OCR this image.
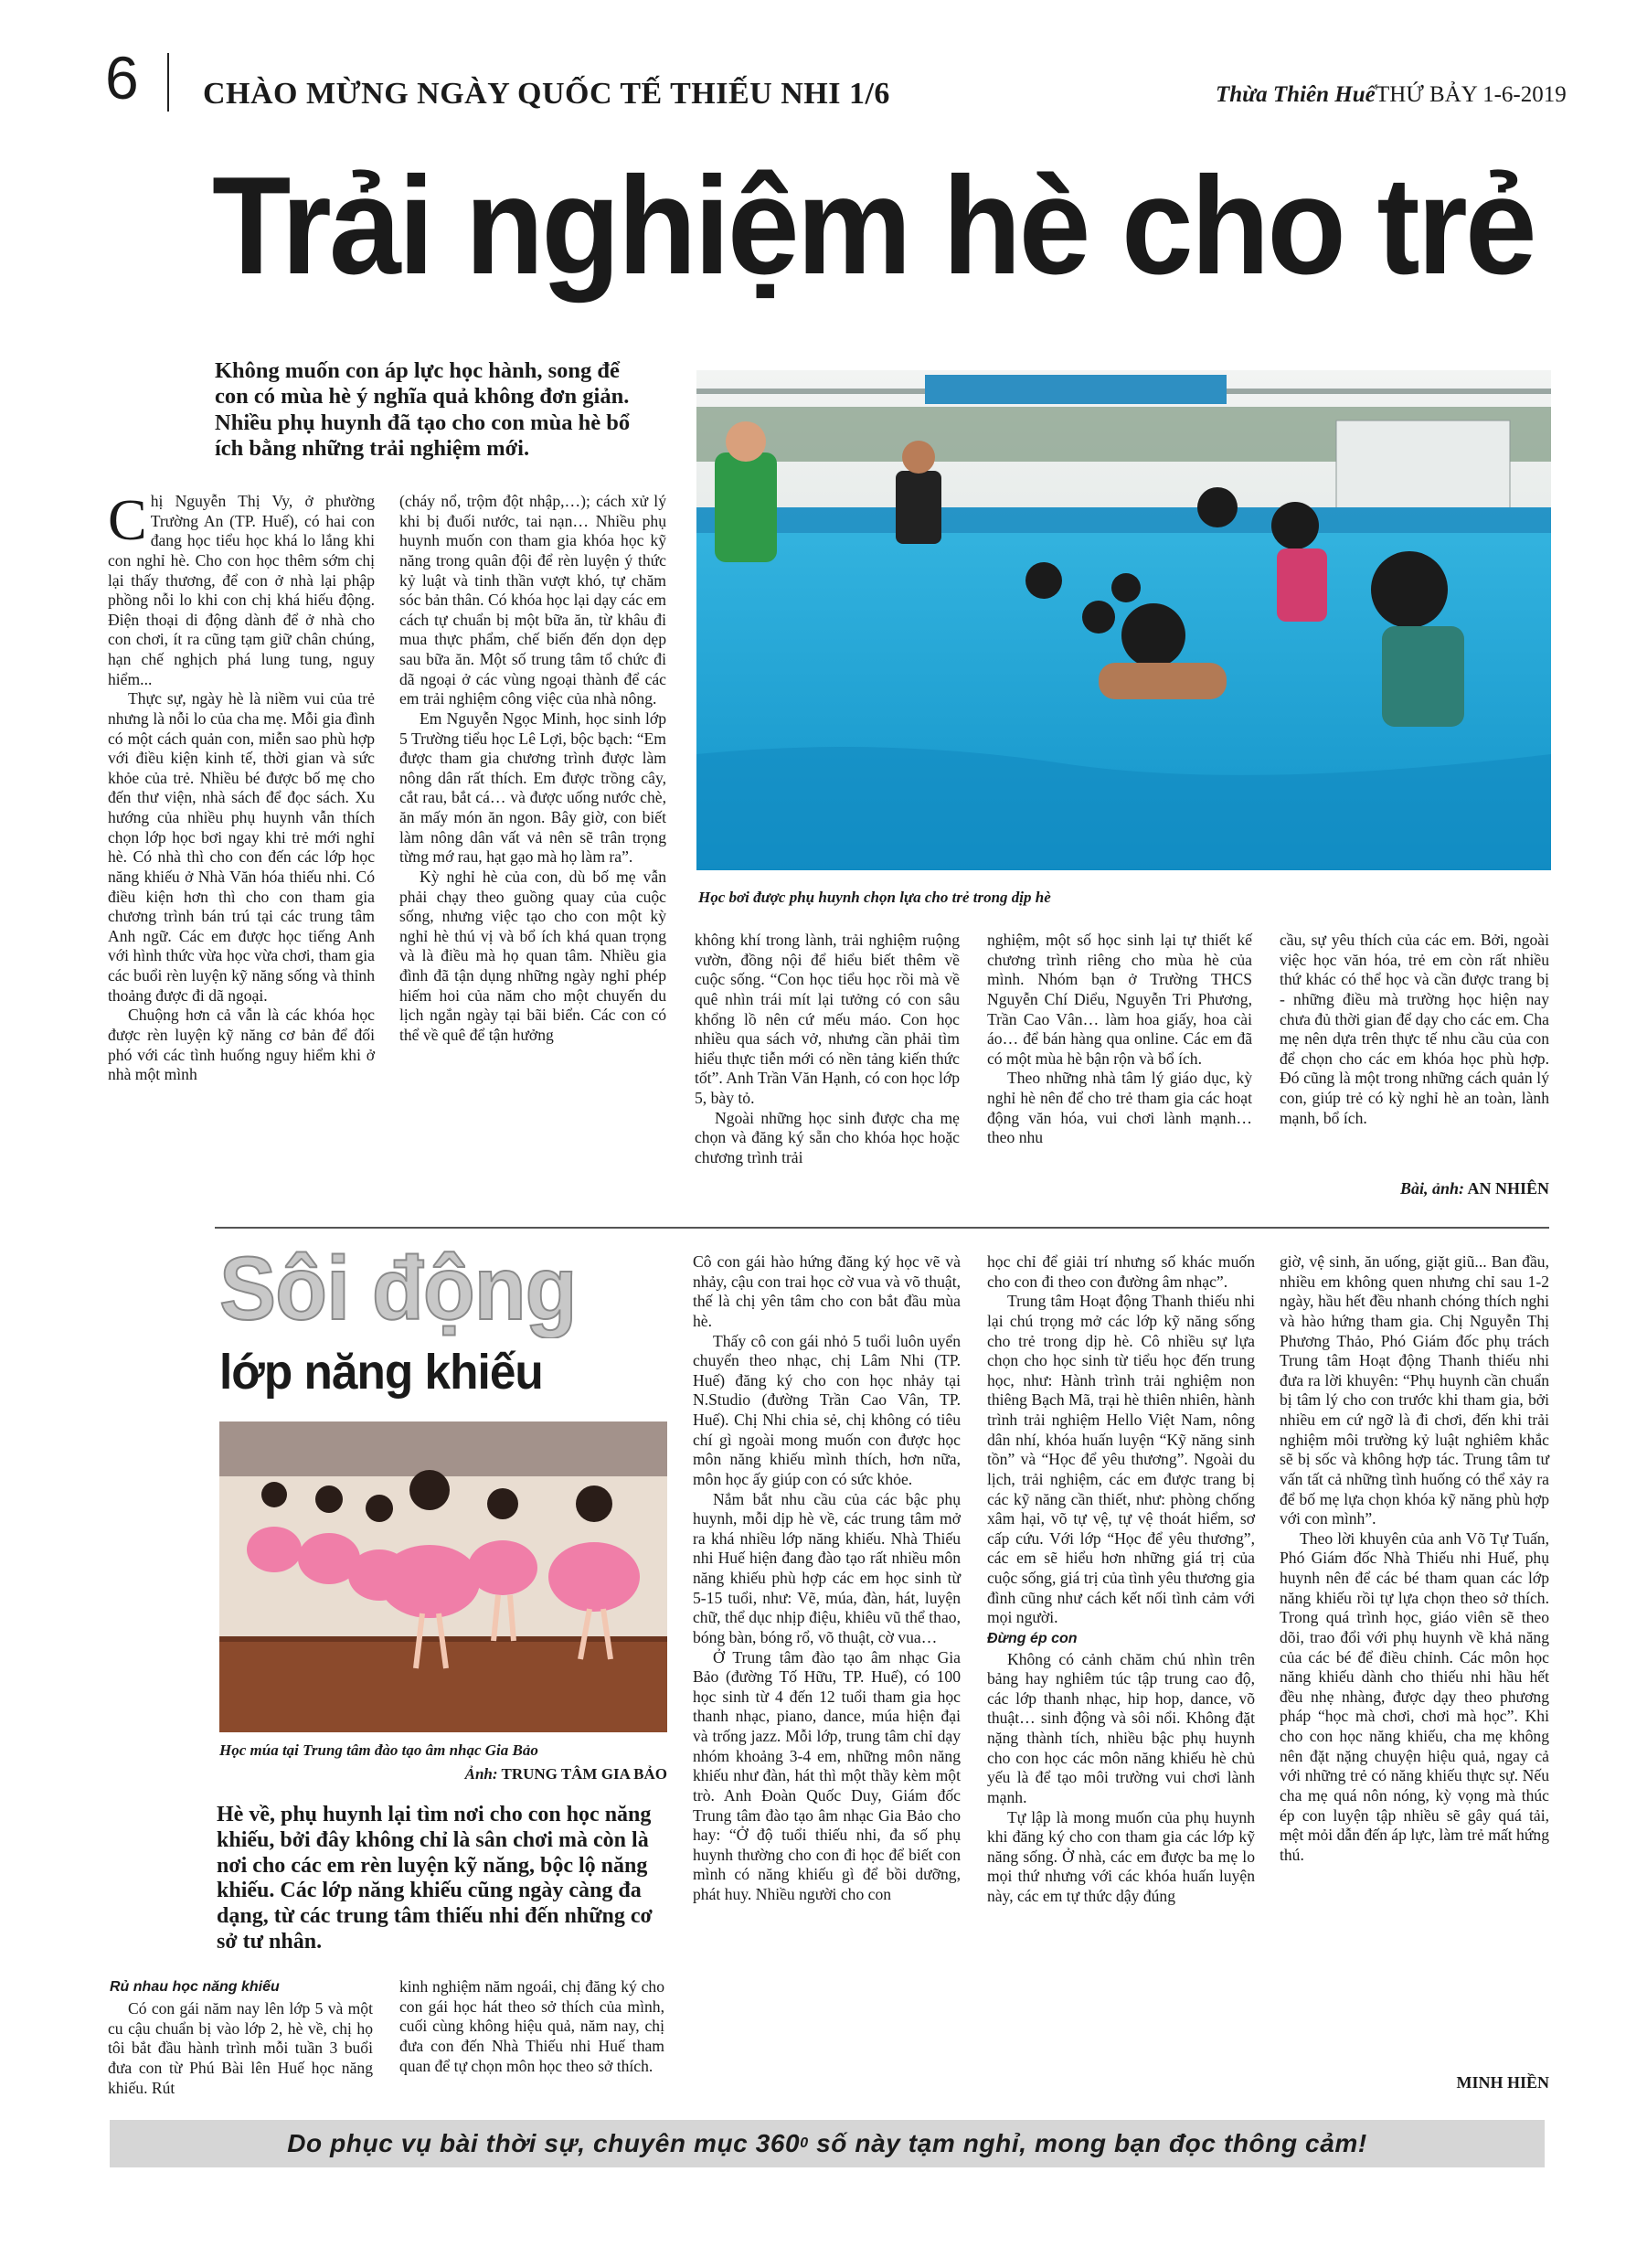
6 CHÀO MỪNG NGÀY QUỐC TẾ THIẾU NHI 1/6	Thừa Thiên Huế THỨ BẢY 1-6-2019
Trải nghiệm hè cho trẻ
Không muốn con áp lực học hành, song để con có mùa hè ý nghĩa quả không đơn giản. Nhiều phụ huynh đã tạo cho con mùa hè bổ ích bằng những trải nghiệm mới.
Học bơi được phụ huynh chọn lựa cho trẻ trong dịp hè

Chị Nguyễn Thị Vy, ở phường Trường An (TP. Huế), có hai con đang học tiểu học khá lo lắng khi con nghỉ hè. Cho con học thêm sớm chị lại thấy thương, để con ở nhà lại phập phồng nỗi lo khi con chị khá hiếu động. Điện thoại di động dành để ở nhà cho con chơi, ít ra cũng tạm giữ chân chúng, hạn chế nghịch phá lung tung, nguy hiểm...

Thực sự, ngày hè là niềm vui của trẻ nhưng là nỗi lo của cha mẹ. Mỗi gia đình có một cách quản con, miễn sao phù hợp với điều kiện kinh tế, thời gian và sức khỏe của trẻ. Nhiều bé được bố mẹ cho đến thư viện, nhà sách để đọc sách. Xu hướng của nhiều phụ huynh vẫn thích chọn lớp học bơi ngay khi trẻ mới nghỉ hè. Có nhà thì cho con đến các lớp học năng khiếu ở Nhà Văn hóa thiếu nhi. Có điều kiện hơn thì cho con tham gia chương trình bán trú tại các trung tâm Anh ngữ. Các em được học tiếng Anh với hình thức vừa học vừa chơi, tham gia các buổi rèn luyện kỹ năng sống và thỉnh thoảng được đi dã ngoại.

Chuộng hơn cả vẫn là các khóa học được rèn luyện kỹ năng cơ bản để đối phó với các tình huống nguy hiểm khi ở nhà một mình

(cháy nổ, trộm đột nhập,…); cách xử lý khi bị đuối nước, tai nạn… Nhiều phụ huynh muốn con tham gia khóa học kỹ năng trong quân đội để rèn luyện ý thức kỷ luật và tinh thần vượt khó, tự chăm sóc bản thân. Có khóa học lại dạy các em cách tự chuẩn bị một bữa ăn, từ khâu đi mua thực phẩm, chế biến đến dọn dẹp sau bữa ăn. Một số trung tâm tổ chức đi dã ngoại ở các vùng ngoại thành để các em trải nghiệm công việc của nhà nông.

Em Nguyễn Ngọc Minh, học sinh lớp 5 Trường tiểu học Lê Lợi, bộc bạch: “Em được tham gia chương trình được làm nông dân rất thích. Em được trồng cây, cắt rau, bắt cá… và được uống nước chè, ăn mấy món ăn ngon. Bây giờ, con biết làm nông dân vất vả nên sẽ trân trọng từng mớ rau, hạt gạo mà họ làm ra”.

Kỳ nghỉ hè của con, dù bố mẹ vẫn phải chạy theo guồng quay của cuộc sống, nhưng việc tạo cho con một kỳ nghỉ hè thú vị và bổ ích khá quan trọng và là điều mà họ quan tâm. Nhiều gia đình đã tận dụng những ngày nghỉ phép hiếm hoi của năm cho một chuyến du lịch ngắn ngày tại bãi biển. Các con có thể về quê để tận hưởng

không khí trong lành, trải nghiệm ruộng vườn, đồng nội để hiểu biết thêm về cuộc sống. “Con học tiểu học rồi mà về quê nhìn trái mít lại tưởng có con sâu khổng lồ nên cứ mếu máo. Con học nhiều qua sách vở, nhưng cần phải tìm hiểu thực tiễn mới có nền tảng kiến thức tốt”. Anh Trần Văn Hạnh, có con học lớp 5, bày tỏ.

Ngoài những học sinh được cha mẹ chọn và đăng ký sẵn cho khóa học hoặc chương trình trải

nghiệm, một số học sinh lại tự thiết kế chương trình riêng cho mùa hè của mình. Nhóm bạn ở Trường THCS Nguyễn Chí Diểu, Nguyễn Tri Phương, Trần Cao Vân… làm hoa giấy, hoa cài áo… để bán hàng qua online. Các em đã có một mùa hè bận rộn và bổ ích.

Theo những nhà tâm lý giáo dục, kỳ nghỉ hè nên để cho trẻ tham gia các hoạt động văn hóa, vui chơi lành mạnh… theo nhu

cầu, sự yêu thích của các em. Bởi, ngoài việc học văn hóa, trẻ em còn rất nhiều thứ khác có thể học và cần được trang bị - những điều mà trường học hiện nay chưa đủ thời gian để dạy cho các em. Cha mẹ nên dựa trên thực tế nhu cầu của con để chọn cho các em khóa học phù hợp. Đó cũng là một trong những cách quản lý con, giúp trẻ có kỳ nghỉ hè an toàn, lành mạnh, bổ ích.

Bài, ảnh: AN NHIÊN
Sôi động
lớp năng khiếu
Học múa tại Trung tâm đào tạo âm nhạc Gia Bảo
Ảnh: TRUNG TÂM GIA BẢO
Hè về, phụ huynh lại tìm nơi cho con học năng khiếu, bởi đây không chỉ là sân chơi mà còn là nơi cho các em rèn luyện kỹ năng, bộc lộ năng khiếu. Các lớp năng khiếu cũng ngày càng đa dạng, từ các trung tâm thiếu nhi đến những cơ sở tư nhân.
Rủ nhau học năng khiếu

Có con gái năm nay lên lớp 5 và một cu cậu chuẩn bị vào lớp 2, hè về, chị họ tôi bắt đầu hành trình mỗi tuần 3 buổi đưa con từ Phú Bài lên Huế học năng khiếu. Rút

kinh nghiệm năm ngoái, chị đăng ký cho con gái học hát theo sở thích của mình, cuối cùng không hiệu quả, năm nay, chị đưa con đến Nhà Thiếu nhi Huế tham quan để tự chọn môn học theo sở thích.

Cô con gái hào hứng đăng ký học vẽ và nhảy, cậu con trai học cờ vua và võ thuật, thế là chị yên tâm cho con bắt đầu mùa hè.

Thấy cô con gái nhỏ 5 tuổi luôn uyển chuyển theo nhạc, chị Lâm Nhi (TP. Huế) đăng ký cho con học nhảy tại N.Studio (đường Trần Cao Vân, TP. Huế). Chị Nhi chia sẻ, chị không có tiêu chí gì ngoài mong muốn con được học môn năng khiếu mình thích, hơn nữa, môn học ấy giúp con có sức khỏe.

Nắm bắt nhu cầu của các bậc phụ huynh, mỗi dịp hè về, các trung tâm mở ra khá nhiều lớp năng khiếu. Nhà Thiếu nhi Huế hiện đang đào tạo rất nhiều môn năng khiếu phù hợp các em học sinh từ 5-15 tuổi, như: Vẽ, múa, đàn, hát, luyện chữ, thể dục nhịp điệu, khiêu vũ thể thao, bóng bàn, bóng rổ, võ thuật, cờ vua…

Ở Trung tâm đào tạo âm nhạc Gia Bảo (đường Tố Hữu, TP. Huế), có 100 học sinh từ 4 đến 12 tuổi tham gia học thanh nhạc, piano, dance, múa hiện đại và trống jazz. Mỗi lớp, trung tâm chỉ dạy nhóm khoảng 3-4 em, những môn năng khiếu như đàn, hát thì một thầy kèm một trò. Anh Đoàn Quốc Duy, Giám đốc Trung tâm đào tạo âm nhạc Gia Bảo cho hay: “Ở độ tuổi thiếu nhi, đa số phụ huynh thường cho con đi học để biết con mình có năng khiếu gì để bồi dưỡng, phát huy. Nhiều người cho con

học chỉ để giải trí nhưng số khác muốn cho con đi theo con đường âm nhạc”.

Trung tâm Hoạt động Thanh thiếu nhi lại chú trọng mở các lớp kỹ năng sống cho trẻ trong dịp hè. Cô nhiều sự lựa chọn cho học sinh từ tiểu học đến trung học, như: Hành trình trải nghiệm non thiêng Bạch Mã, trại hè thiên nhiên, hành trình trải nghiệm Hello Việt Nam, nông dân nhí, khóa huấn luyện “Kỹ năng sinh tồn” và “Học để yêu thương”. Ngoài du lịch, trải nghiệm, các em được trang bị các kỹ năng cần thiết, như: phòng chống xâm hại, võ tự vệ, tự vệ thoát hiểm, sơ cấp cứu. Với lớp “Học để yêu thương”, các em sẽ hiểu hơn những giá trị của cuộc sống, giá trị của tình yêu thương gia đình cũng như cách kết nối tình cảm với mọi người.

Đừng ép con

Không có cảnh chăm chú nhìn trên bảng hay nghiêm túc tập trung cao độ, các lớp thanh nhạc, hip hop, dance, võ thuật… sinh động và sôi nổi. Không đặt nặng thành tích, nhiều bậc phụ huynh cho con học các môn năng khiếu hè chủ yếu là để tạo môi trường vui chơi lành mạnh.

Tự lập là mong muốn của phụ huynh khi đăng ký cho con tham gia các lớp kỹ năng sống. Ở nhà, các em được ba mẹ lo mọi thứ nhưng với các khóa huấn luyện này, các em tự thức dậy đúng

giờ, vệ sinh, ăn uống, giặt giũ... Ban đầu, nhiều em không quen nhưng chỉ sau 1-2 ngày, hầu hết đều nhanh chóng thích nghi và hào hứng tham gia. Chị Nguyễn Thị Phương Thảo, Phó Giám đốc phụ trách Trung tâm Hoạt động Thanh thiếu nhi đưa ra lời khuyên: “Phụ huynh cần chuẩn bị tâm lý cho con trước khi tham gia, bởi nhiều em cứ ngỡ là đi chơi, đến khi trải nghiệm môi trường kỷ luật nghiêm khắc sẽ bị sốc và không hợp tác. Trung tâm tư vấn tất cả những tình huống có thể xảy ra để bố mẹ lựa chọn khóa kỹ năng phù hợp với con mình”.

Theo lời khuyên của anh Võ Tự Tuấn, Phó Giám đốc Nhà Thiếu nhi Huế, phụ huynh nên để các bé tham quan các lớp năng khiếu rồi tự lựa chọn theo sở thích. Trong quá trình học, giáo viên sẽ theo dõi, trao đổi với phụ huynh về khả năng của các bé để điều chỉnh. Các môn học năng khiếu dành cho thiếu nhi hầu hết đều nhẹ nhàng, được dạy theo phương pháp “học mà chơi, chơi mà học”. Khi cho con học năng khiếu, cha mẹ không nên đặt nặng chuyện hiệu quả, ngay cả với những trẻ có năng khiếu thực sự. Nếu cha mẹ quá nôn nóng, kỳ vọng mà thúc ép con luyện tập nhiều sẽ gây quá tải, mệt mỏi dẫn đến áp lực, làm trẻ mất hứng thú.

MINH HIỀN
Do phục vụ bài thời sự, chuyên mục 360 0 số này tạm nghỉ, mong bạn đọc thông cảm!
